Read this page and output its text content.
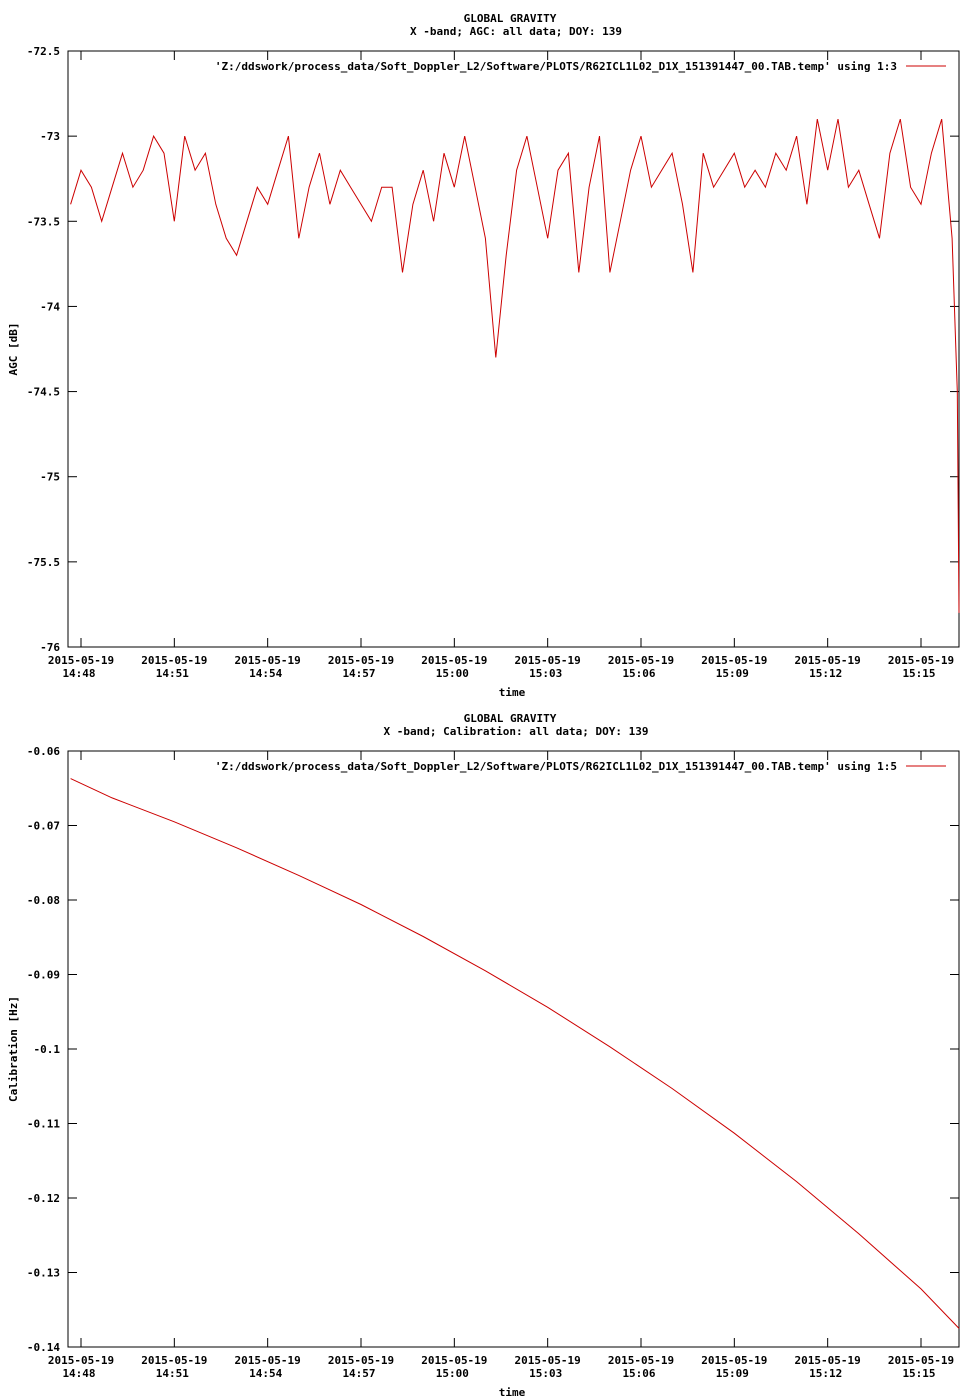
GLOBAL GRAVITY
X -band; AGC: all data; DOY: 139
-72.5
-73
-73.5
-74
-74.5
-75
-75.5
-76
2015-05-19
14:48
2015-05-19
14:51
2015-05-19
14:54
2015-05-19
14:57
2015-05-19
15:00
2015-05-19
15:03
2015-05-19
15:06
2015-05-19
15:09
2015-05-19
15:12
2015-05-19
15:15
time
AGC [dB]
'Z:/ddswork/process_data/Soft_Doppler_L2/Software/PLOTS/R62ICL1L02_D1X_151391447_00.TAB.temp' using 1:3
GLOBAL GRAVITY
X -band; Calibration: all data; DOY: 139
-0.06
-0.07
-0.08
-0.09
-0.1
-0.11
-0.12
-0.13
-0.14
2015-05-19
14:48
2015-05-19
14:51
2015-05-19
14:54
2015-05-19
14:57
2015-05-19
15:00
2015-05-19
15:03
2015-05-19
15:06
2015-05-19
15:09
2015-05-19
15:12
2015-05-19
15:15
time
Calibration [Hz]
'Z:/ddswork/process_data/Soft_Doppler_L2/Software/PLOTS/R62ICL1L02_D1X_151391447_00.TAB.temp' using 1:5
